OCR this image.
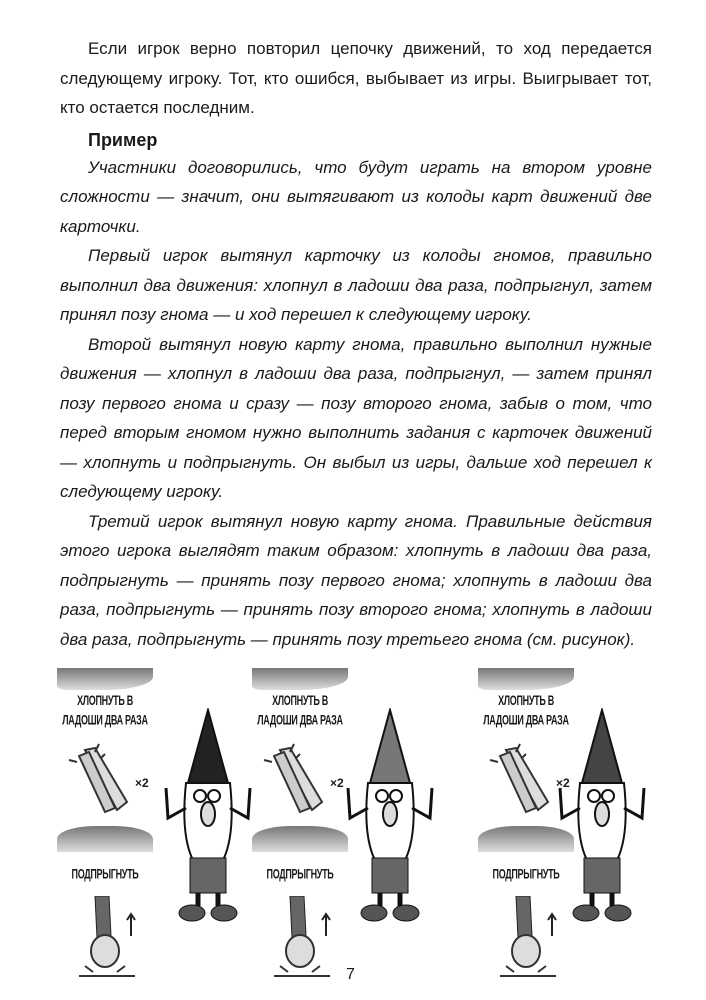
Если игрок верно повторил цепочку движений, то ход передается следующему игроку. Тот, кто ошибся, выбывает из игры. Выигрывает тот, кто остается последним.

Пример

Участники договорились, что будут играть на втором уровне сложности — значит, они вытягивают из колоды карт движений две карточки.

Первый игрок вытянул карточку из колоды гномов, правильно выполнил два движения: хлопнул в ладоши два раза, подпрыгнул, затем принял позу гнома — и ход перешел к следующему игроку.

Второй вытянул новую карту гнома, правильно выполнил нужные движения — хлопнул в ладоши два раза, подпрыгнул, — затем принял позу первого гнома и сразу — позу второго гнома, забыв о том, что перед вторым гномом нужно выполнить задания с карточек движений — хлопнуть и подпрыгнуть. Он выбыл из игры, дальше ход перешел к следующему игроку.

Третий игрок вытянул новую карту гнома. Правильные действия этого игрока выглядят таким образом: хлопнуть в ладоши два раза, подпрыгнуть — принять позу первого гнома; хлопнуть в ладоши два раза, подпрыгнуть — принять позу второго гнома; хлопнуть в ладоши два раза, подпрыгнуть — принять позу третьего гнома (см. рисунок).

ХЛОПНУТЬ В ЛАДОШИ ДВА РАЗА
×2
ПОДПРЫГНУТЬ
ХЛОПНУТЬ В ЛАДОШИ ДВА РАЗА
×2
ПОДПРЫГНУТЬ
ХЛОПНУТЬ В ЛАДОШИ ДВА РАЗА
×2
ПОДПРЫГНУТЬ
7
